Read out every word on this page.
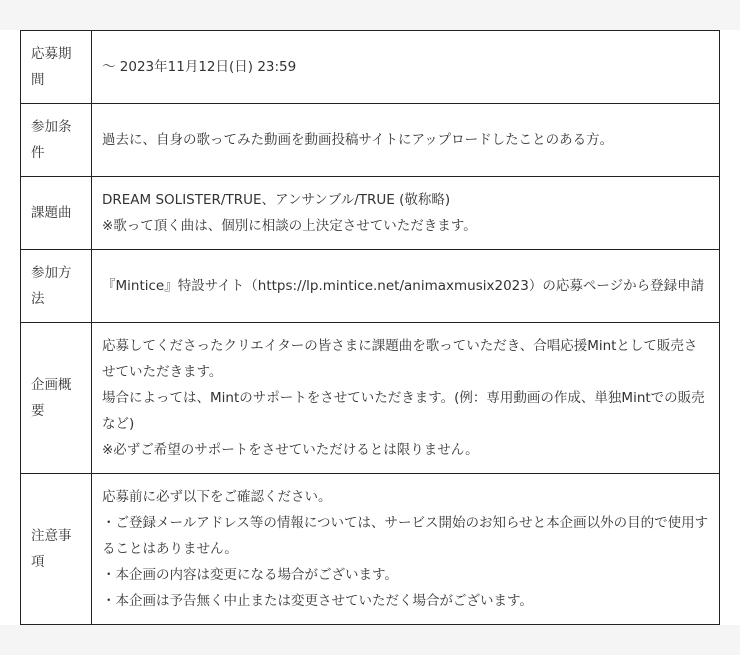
応募期間	〜 2023年11月12日(日) 23:59

参加条件	過去に、自身の歌ってみた動画を動画投稿サイトにアップロードしたことのある方。

課題曲	DREAM SOLISTER/TRUE、アンサンブル/TRUE (敬称略)
※歌って頂く曲は、個別に相談の上決定させていただきます。

参加方法	『Mintice』特設サイト（https://lp.mintice.net/animaxmusix2023）の応募ページから登録申請

企画概要	応募してくださったクリエイターの皆さまに課題曲を歌っていただき、合唱応援Mintとして販売させていただきます。
場合によっては、Mintのサポートをさせていただきます。(例：専用動画の作成、単独Mintでの販売など)
※必ずご希望のサポートをさせていただけるとは限りません。

注意事項	応募前に必ず以下をご確認ください。
・ご登録メールアドレス等の情報については、サービス開始のお知らせと本企画以外の目的で使用することはありません。
・本企画の内容は変更になる場合がございます。
・本企画は予告無く中止または変更させていただく場合がございます。
